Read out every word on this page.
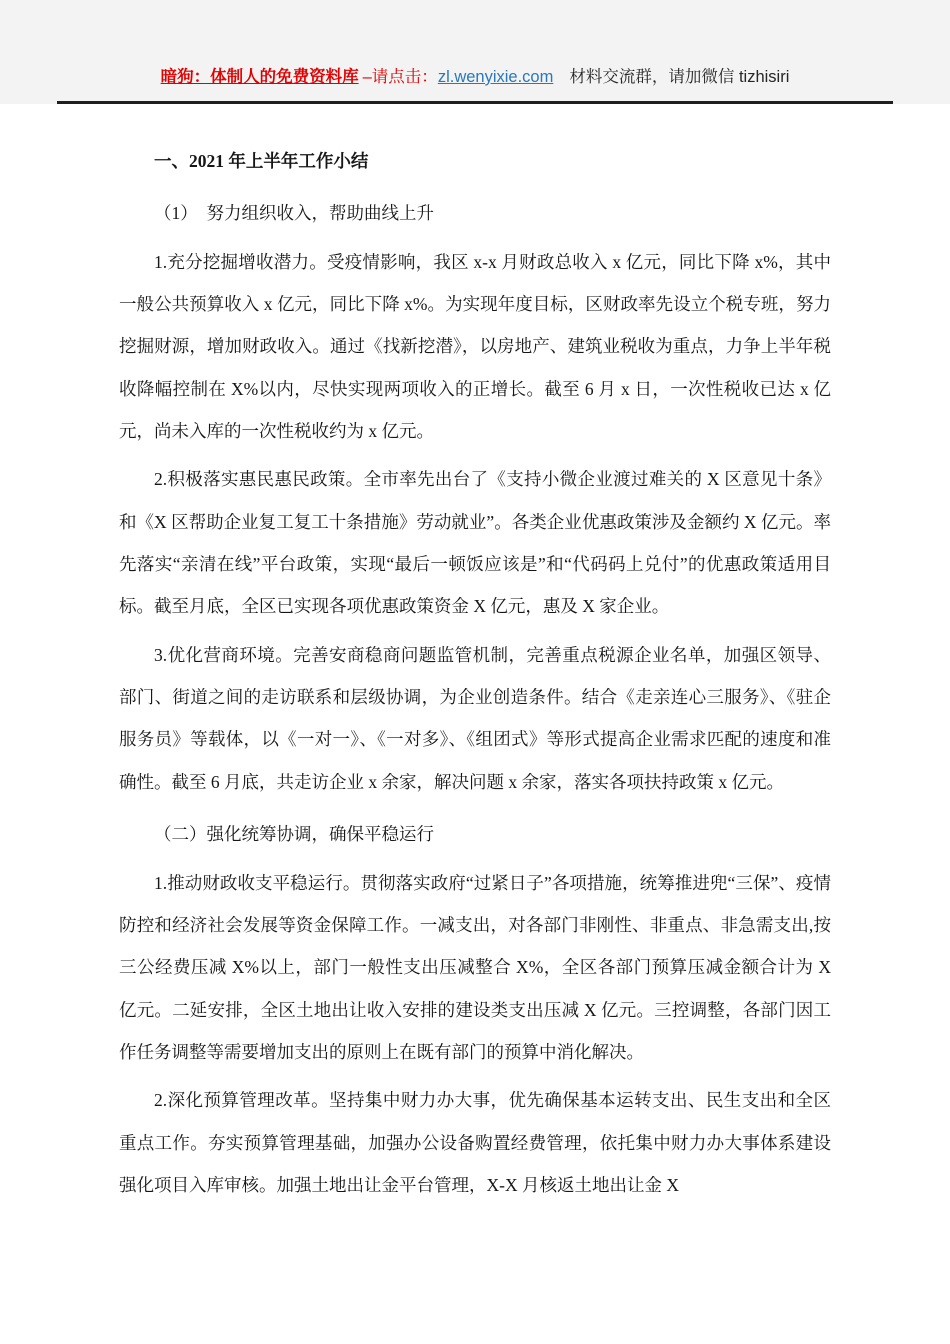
暗狗：体制人的免费资料库 –请点击： zl.wenyixie.com 材料交流群，请加微信 tizhisiri
一、2021 年上半年工作小结
（1）　努力组织收入，帮助曲线上升

1.充分挖掘增收潜力。受疫情影响，我区 x-x 月财政总收入 x 亿元，同比下降 x%，其中一般公共预算收入 x 亿元，同比下降 x%。为实现年度目标，区财政率先设立个税专班，努力挖掘财源，增加财政收入。通过《找新挖潜》，以房地产、建筑业税收为重点，力争上半年税收降幅控制在 X%以内，尽快实现两项收入的正增长。截至 6 月 x 日，一次性税收已达 x 亿元，尚未入库的一次性税收约为 x 亿元。

2.积极落实惠民惠民政策。全市率先出台了《支持小微企业渡过难关的 X 区意见十条》和《X 区帮助企业复工复工十条措施》劳动就业”。各类企业优惠政策涉及金额约 X 亿元。率先落实“亲清在线”平台政策，实现“最后一顿饭应该是”和“代码码上兑付”的优惠政策适用目标。截至月底，全区已实现各项优惠政策资金 X 亿元，惠及 X 家企业。

3.优化营商环境。完善安商稳商问题监管机制，完善重点税源企业名单，加强区领导、部门、街道之间的走访联系和层级协调，为企业创造条件。结合《走亲连心三服务》、《驻企服务员》等载体，以《一对一》、《一对多》、《组团式》等形式提高企业需求匹配的速度和准确性。截至 6 月底，共走访企业 x 余家，解决问题 x 余家，落实各项扶持政策 x 亿元。

（二）强化统筹协调，确保平稳运行

1.推动财政收支平稳运行。贯彻落实政府“过紧日子”各项措施，统筹推进兜“三保”、疫情防控和经济社会发展等资金保障工作。一减支出，对各部门非刚性、非重点、非急需支出,按三公经费压减 X%以上，部门一般性支出压减整合 X%，全区各部门预算压减金额合计为 X 亿元。二延安排，全区土地出让收入安排的建设类支出压减 X 亿元。三控调整，各部门因工作任务调整等需要增加支出的原则上在既有部门的预算中消化解决。

2.深化预算管理改革。坚持集中财力办大事，优先确保基本运转支出、民生支出和全区重点工作。夯实预算管理基础，加强办公设备购置经费管理，依托集中财力办大事体系建设强化项目入库审核。加强土地出让金平台管理，X-X 月核返土地出让金 X
